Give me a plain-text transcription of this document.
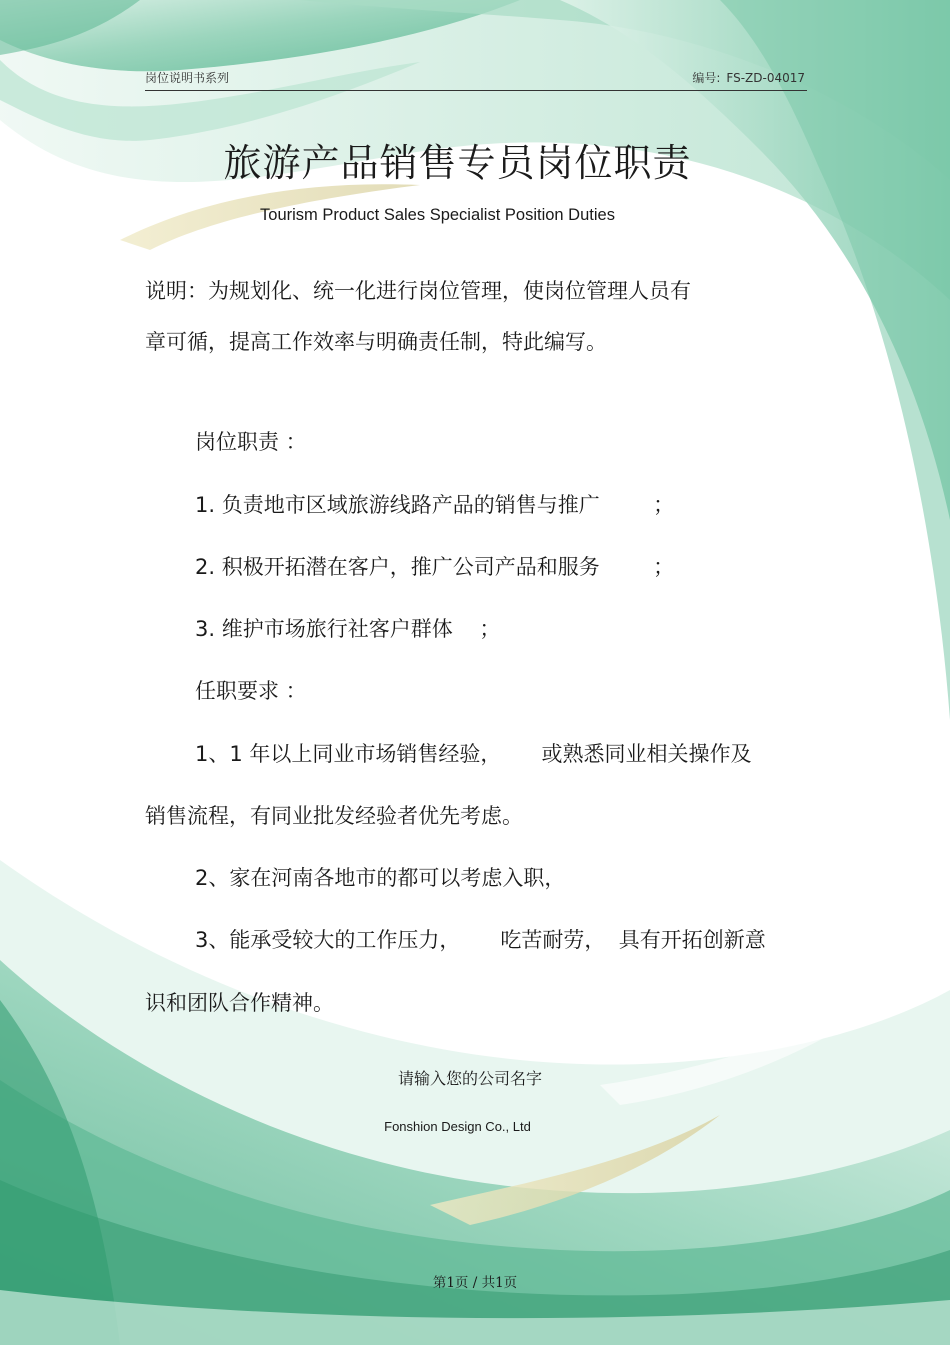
岗位说明书系列	编号: FS-ZD-04017
旅游产品销售专员岗位职责
Tourism Product Sales Specialist Position Duties
说明：为规划化、统一化进行岗位管理，使岗位管理人员有
章可循，提高工作效率与明确责任制，特此编写。
岗位职责 ：
1. 负责地市区域旅游线路产品的销售与推广        ；
2. 积极开拓潜在客户，推广公司产品和服务        ；
3. 维护市场旅行社客户群体    ；
任职要求 ：
1、1 年以上同业市场销售经验，      或熟悉同业相关操作及
销售流程，有同业批发经验者优先考虑。
2、家在河南各地市的都可以考虑入职，
3、能承受较大的工作压力，      吃苦耐劳，  具有开拓创新意
识和团队合作精神。
请输入您的公司名字
Fonshion Design Co., Ltd
第1页 / 共1页
